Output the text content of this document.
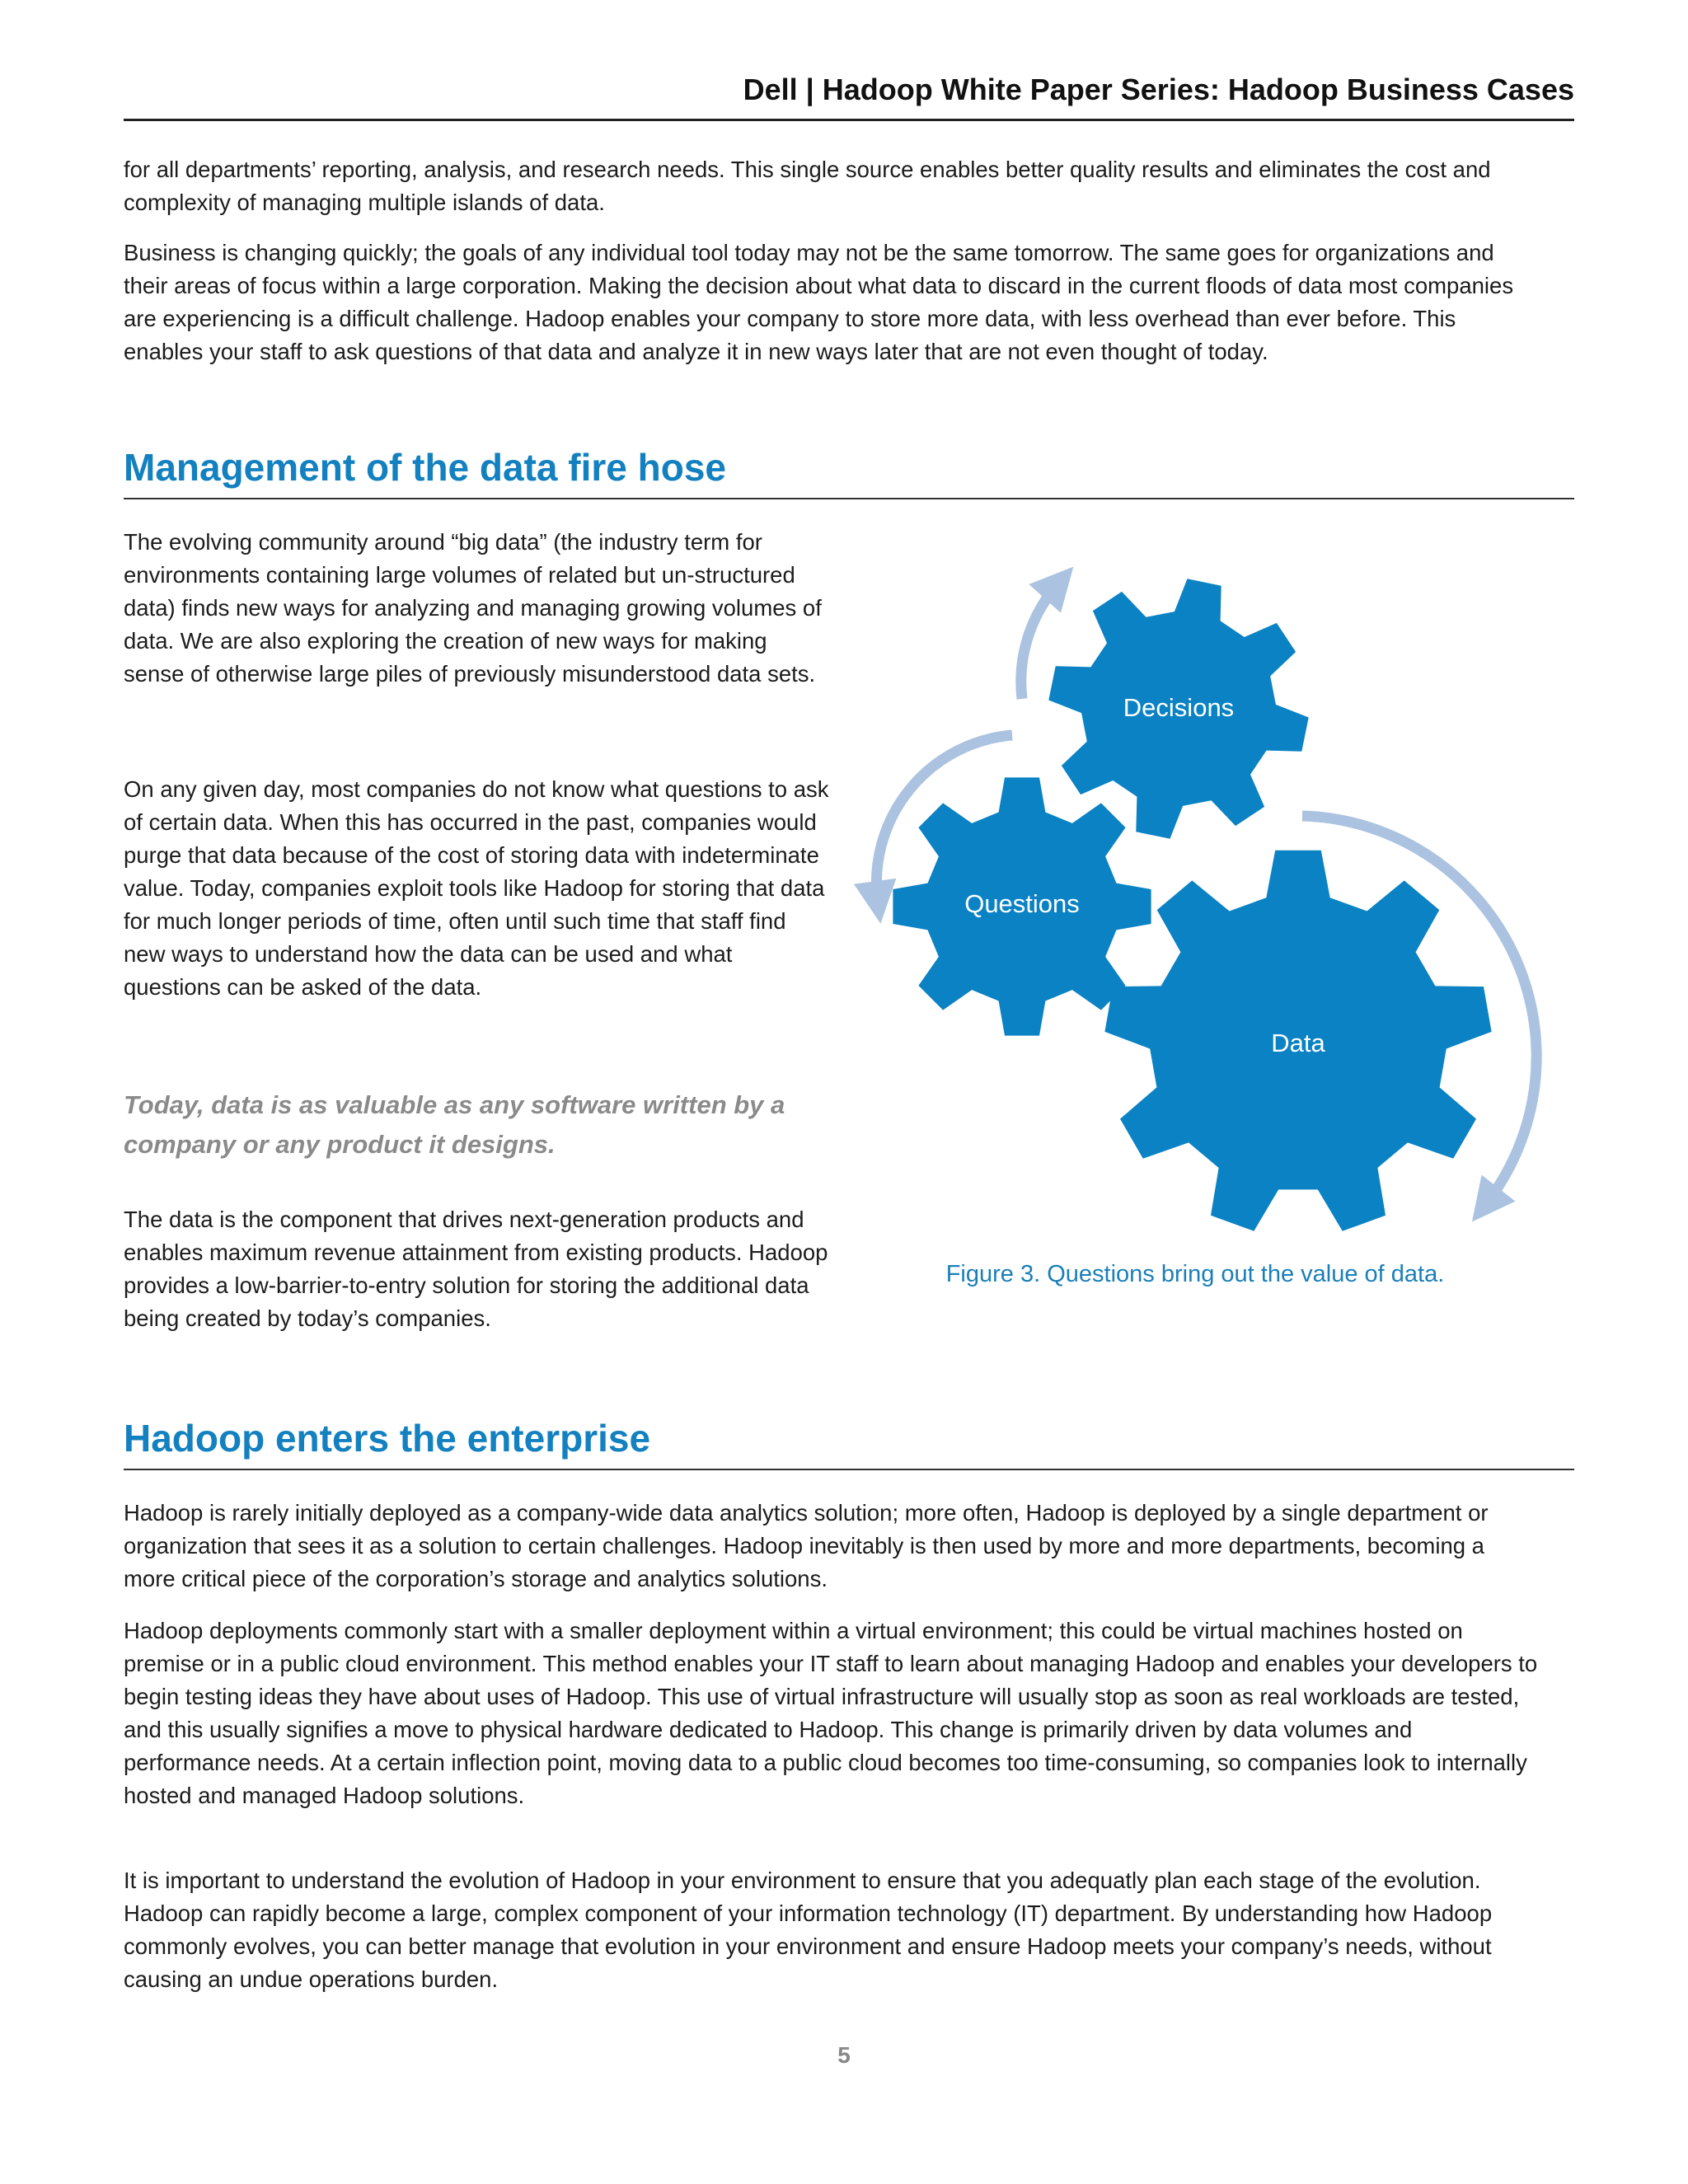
Dell | Hadoop White Paper Series: Hadoop Business Cases

for all departments’ reporting, analysis, and research needs. This single source enables better quality results and eliminates the cost and complexity of managing multiple islands of data.

Business is changing quickly; the goals of any individual tool today may not be the same tomorrow. The same goes for organizations and their areas of focus within a large corporation. Making the decision about what data to discard in the current floods of data most companies are experiencing is a difficult challenge. Hadoop enables your company to store more data, with less overhead than ever before. This enables your staff to ask questions of that data and analyze it in new ways later that are not even thought of today.

Management of the data fire hose

The evolving community around “big data” (the industry term for environments containing large volumes of related but un-structured data) finds new ways for analyzing and managing growing volumes of data. We are also exploring the creation of new ways for making sense of otherwise large piles of previously misunderstood data sets.

On any given day, most companies do not know what questions to ask of certain data. When this has occurred in the past, companies would purge that data because of the cost of storing data with indeterminate value. Today, companies exploit tools like Hadoop for storing that data for much longer periods of time, often until such time that staff find new ways to understand how the data can be used and what questions can be asked of the data.

Today, data is as valuable as any software written by a company or any product it designs.

The data is the component that drives next-generation products and enables maximum revenue attainment from existing products. Hadoop provides a low-barrier-to-entry solution for storing the additional data being created by today’s companies.

Data
Questions
Decisions

Figure 3. Questions bring out the value of data.

Hadoop enters the enterprise

Hadoop is rarely initially deployed as a company-wide data analytics solution; more often, Hadoop is deployed by a single department or organization that sees it as a solution to certain challenges. Hadoop inevitably is then used by more and more departments, becoming a more critical piece of the corporation’s storage and analytics solutions.

Hadoop deployments commonly start with a smaller deployment within a virtual environment; this could be virtual machines hosted on premise or in a public cloud environment. This method enables your IT staff to learn about managing Hadoop and enables your developers to begin testing ideas they have about uses of Hadoop. This use of virtual infrastructure will usually stop as soon as real workloads are tested, and this usually signifies a move to physical hardware dedicated to Hadoop. This change is primarily driven by data volumes and performance needs. At a certain inflection point, moving data to a public cloud becomes too time-consuming, so companies look to internally hosted and managed Hadoop solutions.

It is important to understand the evolution of Hadoop in your environment to ensure that you adequatly plan each stage of the evolution. Hadoop can rapidly become a large, complex component of your information technology (IT) department. By understanding how Hadoop commonly evolves, you can better manage that evolution in your environment and ensure Hadoop meets your company’s needs, without causing an undue operations burden.

5
